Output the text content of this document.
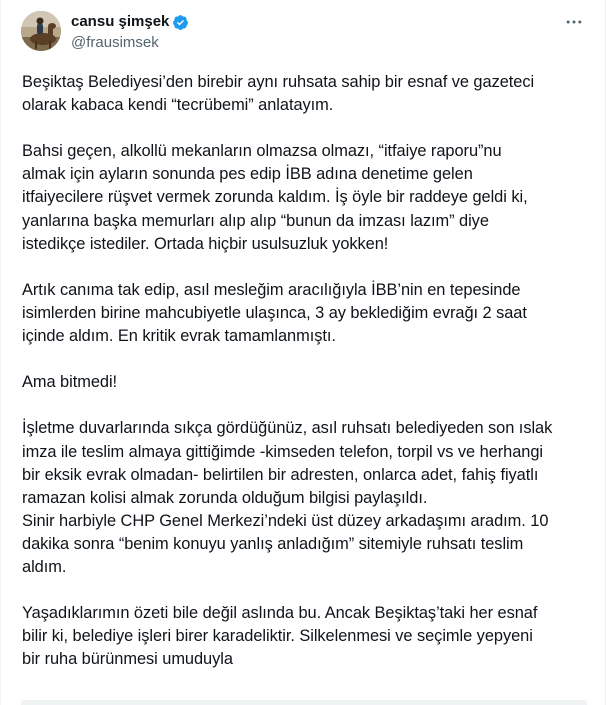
cansu şimşek
@frausimsek
Beşiktaş Belediyesi’den birebir aynı ruhsata sahip bir esnaf ve gazeteci
olarak kabaca kendi “tecrübemi” anlatayım.
Bahsi geçen, alkollü mekanların olmazsa olmazı, “itfaiye raporu”nu
almak için ayların sonunda pes edip İBB adına denetime gelen
itfaiyecilere rüşvet vermek zorunda kaldım. İş öyle bir raddeye geldi ki,
yanlarına başka memurları alıp alıp “bunun da imzası lazım” diye
istedikçe istediler. Ortada hiçbir usulsuzluk yokken!
Artık canıma tak edip, asıl mesleğim aracılığıyla İBB’nin en tepesinde
isimlerden birine mahcubiyetle ulaşınca, 3 ay beklediğim evrağı 2 saat
içinde aldım. En kritik evrak tamamlanmıştı.
Ama bitmedi!
İşletme duvarlarında sıkça gördüğünüz, asıl ruhsatı belediyeden son ıslak
imza ile teslim almaya gittiğimde -kimseden telefon, torpil vs ve herhangi
bir eksik evrak olmadan- belirtilen bir adresten, onlarca adet, fahiş fiyatlı
ramazan kolisi almak zorunda olduğum bilgisi paylaşıldı.
Sinir harbiyle CHP Genel Merkezi’ndeki üst düzey arkadaşımı aradım. 10
dakika sonra “benim konuyu yanlış anladığım” sitemiyle ruhsatı teslim
aldım.
Yaşadıklarımın özeti bile değil aslında bu. Ancak Beşiktaş’taki her esnaf
bilir ki, belediye işleri birer karadeliktir. Silkelenmesi ve seçimle yepyeni
bir ruha bürünmesi umuduyla
